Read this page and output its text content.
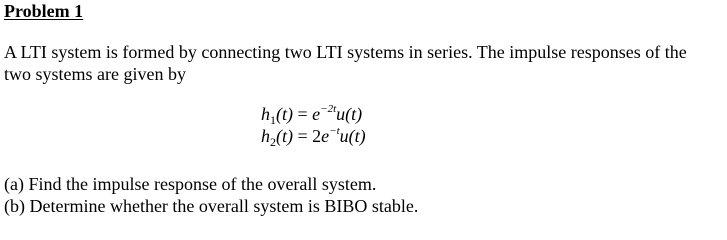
Problem 1
A LTI system is formed by connecting two LTI systems in series. The impulse responses of the
two systems are given by
$h_1(t) = e^{-2t}u(t)$
$h_2(t) = 2e^{-t}u(t)$
(a) Find the impulse response of the overall system.
(b) Determine whether the overall system is BIBO stable.
